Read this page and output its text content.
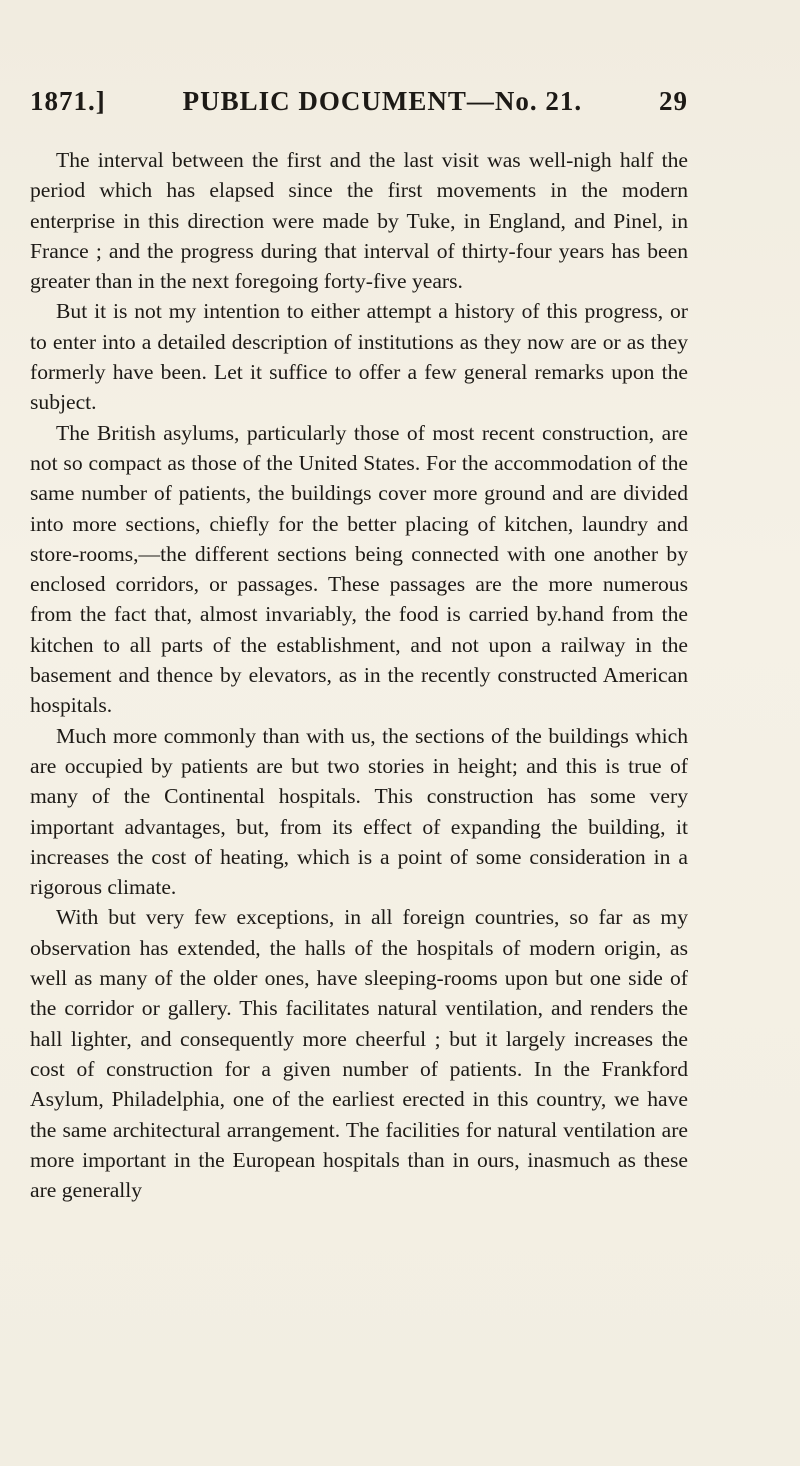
1871.]	PUBLIC DOCUMENT—No. 21.	29

The interval between the first and the last visit was well-nigh half the period which has elapsed since the first movements in the modern enterprise in this direction were made by Tuke, in England, and Pinel, in France ; and the progress during that interval of thirty-four years has been greater than in the next foregoing forty-five years.

But it is not my intention to either attempt a history of this progress, or to enter into a detailed description of institutions as they now are or as they formerly have been. Let it suffice to offer a few general remarks upon the subject.

The British asylums, particularly those of most recent construction, are not so compact as those of the United States. For the accommodation of the same number of patients, the buildings cover more ground and are divided into more sections, chiefly for the better placing of kitchen, laundry and store-rooms,—the different sections being connected with one another by enclosed corridors, or passages. These passages are the more numerous from the fact that, almost invariably, the food is carried by.hand from the kitchen to all parts of the establishment, and not upon a railway in the basement and thence by elevators, as in the recently constructed American hospitals.

Much more commonly than with us, the sections of the buildings which are occupied by patients are but two stories in height; and this is true of many of the Continental hospitals. This construction has some very important advantages, but, from its effect of expanding the building, it increases the cost of heating, which is a point of some consideration in a rigorous climate.

With but very few exceptions, in all foreign countries, so far as my observation has extended, the halls of the hospitals of modern origin, as well as many of the older ones, have sleeping-rooms upon but one side of the corridor or gallery. This facilitates natural ventilation, and renders the hall lighter, and consequently more cheerful ; but it largely increases the cost of construction for a given number of patients. In the Frankford Asylum, Philadelphia, one of the earliest erected in this country, we have the same architectural arrangement. The facilities for natural ventilation are more important in the European hospitals than in ours, inasmuch as these are generally
